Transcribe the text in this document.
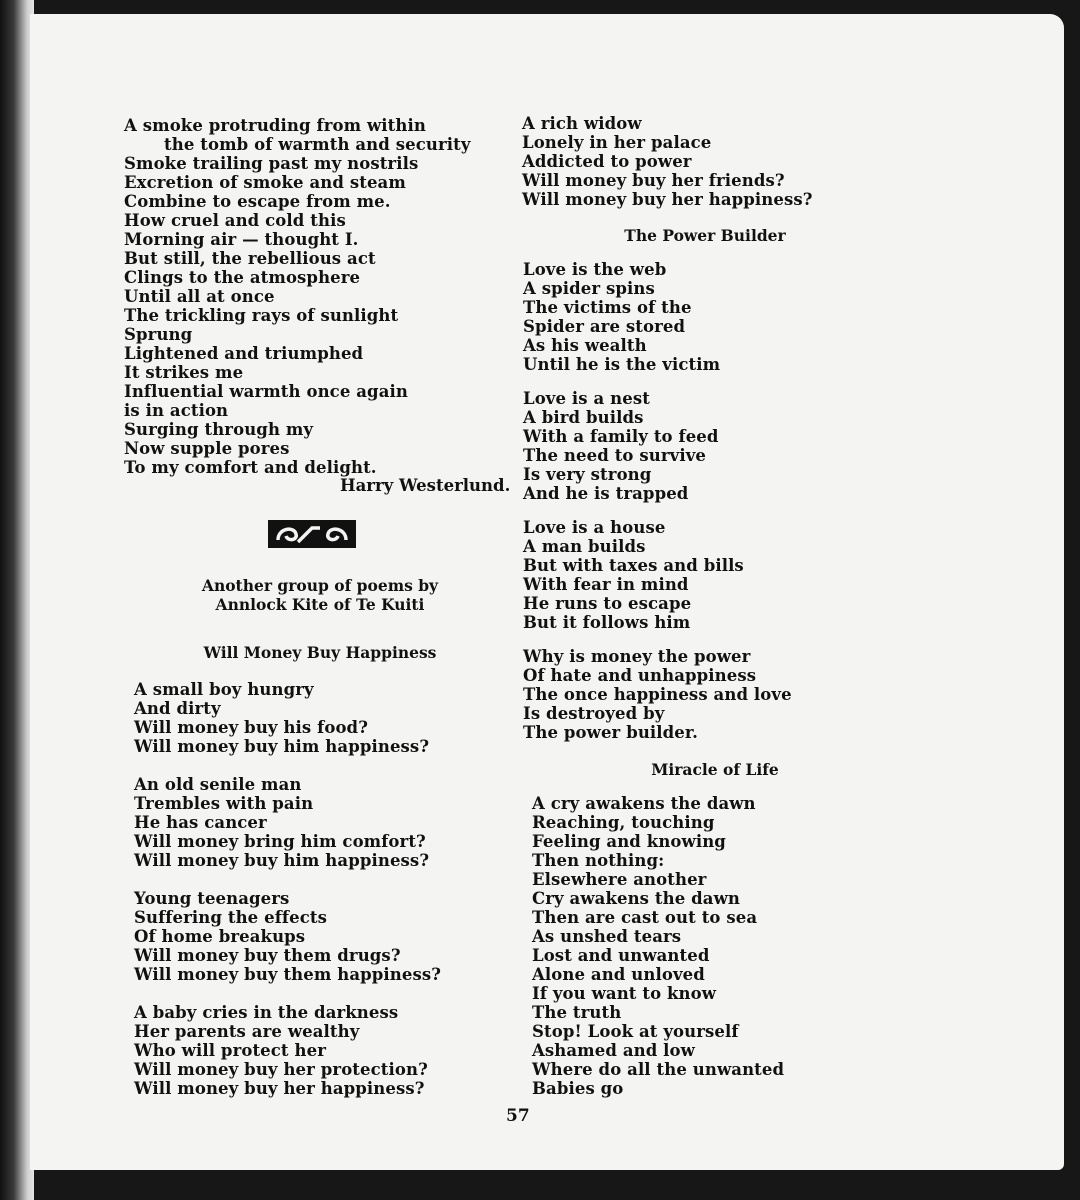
A smoke protruding from within
the tomb of warmth and security
Smoke trailing past my nostrils
Excretion of smoke and steam
Combine to escape from me.
How cruel and cold this
Morning air — thought I.
But still, the rebellious act
Clings to the atmosphere
Until all at once
The trickling rays of sunlight
Sprung
Lightened and triumphed
It strikes me
Influential warmth once again
is in action
Surging through my
Now supple pores
To my comfort and delight.
Harry Westerlund.
Another group of poems by
Annlock Kite of Te Kuiti
Will Money Buy Happiness
A small boy hungry
And dirty
Will money buy his food?
Will money buy him happiness?
An old senile man
Trembles with pain
He has cancer
Will money bring him comfort?
Will money buy him happiness?
Young teenagers
Suffering the effects
Of home breakups
Will money buy them drugs?
Will money buy them happiness?
A baby cries in the darkness
Her parents are wealthy
Who will protect her
Will money buy her protection?
Will money buy her happiness?
A rich widow
Lonely in her palace
Addicted to power
Will money buy her friends?
Will money buy her happiness?
The Power Builder
Love is the web
A spider spins
The victims of the
Spider are stored
As his wealth
Until he is the victim
Love is a nest
A bird builds
With a family to feed
The need to survive
Is very strong
And he is trapped
Love is a house
A man builds
But with taxes and bills
With fear in mind
He runs to escape
But it follows him
Why is money the power
Of hate and unhappiness
The once happiness and love
Is destroyed by
The power builder.
Miracle of Life
A cry awakens the dawn
Reaching, touching
Feeling and knowing
Then nothing:
Elsewhere another
Cry awakens the dawn
Then are cast out to sea
As unshed tears
Lost and unwanted
Alone and unloved
If you want to know
The truth
Stop! Look at yourself
Ashamed and low
Where do all the unwanted
Babies go
57
